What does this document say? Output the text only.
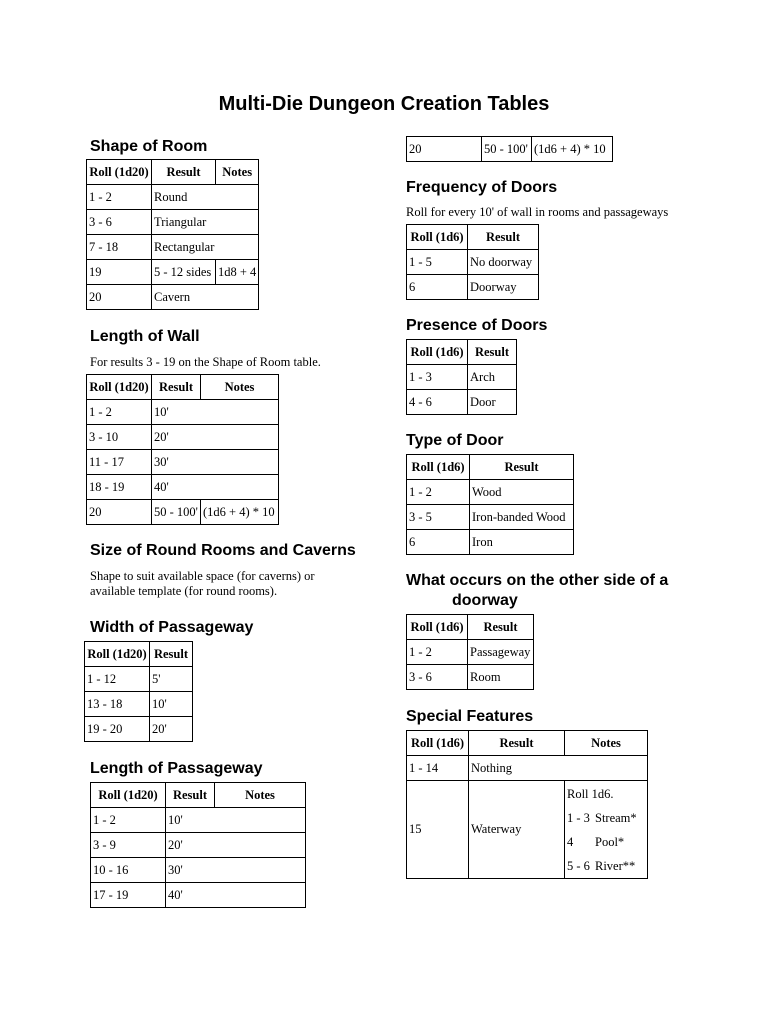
Multi-Die Dungeon Creation Tables
Shape of Room
Roll (1d20)	Result	Notes
1 - 2	Round	
3 - 6	Triangular	
7 - 18	Rectangular	
19	5 - 12 sides	1d8 + 4
20	Cavern	
Length of Wall
For results 3 - 19 on the Shape of Room table.
Roll (1d20)	Result	Notes
1 - 2	10'	
3 - 10	20'	
11 - 17	30'	
18 - 19	40'	
20	50 - 100'	(1d6 + 4) * 10
Size of Round Rooms and Caverns
Shape to suit available space (for caverns) or available template (for round rooms).
Width of Passageway
Roll (1d20)	Result
1 - 12	5'
13 - 18	10'
19 - 20	20'
Length of Passageway
Roll (1d20)	Result	Notes
1 - 2	10'	
3 - 9	20'	
10 - 16	30'	
17 - 19	40'	
20	50 - 100'	(1d6 + 4) * 10
Frequency of Doors
Roll for every 10' of wall in rooms and passageways
Roll (1d6)	Result
1 - 5	No doorway
6	Doorway
Presence of Doors
Roll (1d6)	Result
1 - 3	Arch
4 - 6	Door
Type of Door
Roll (1d6)	Result
1 - 2	Wood
3 - 5	Iron-banded Wood
6	Iron
What occurs on the other side of a
doorway
Roll (1d6)	Result
1 - 2	Passageway
3 - 6	Room
Special Features
Roll (1d6)	Result	Notes
1 - 14	Nothing	
15	Waterway	Roll 1d6.
1 - 3 Stream*
4 Pool*
5 - 6 River**
